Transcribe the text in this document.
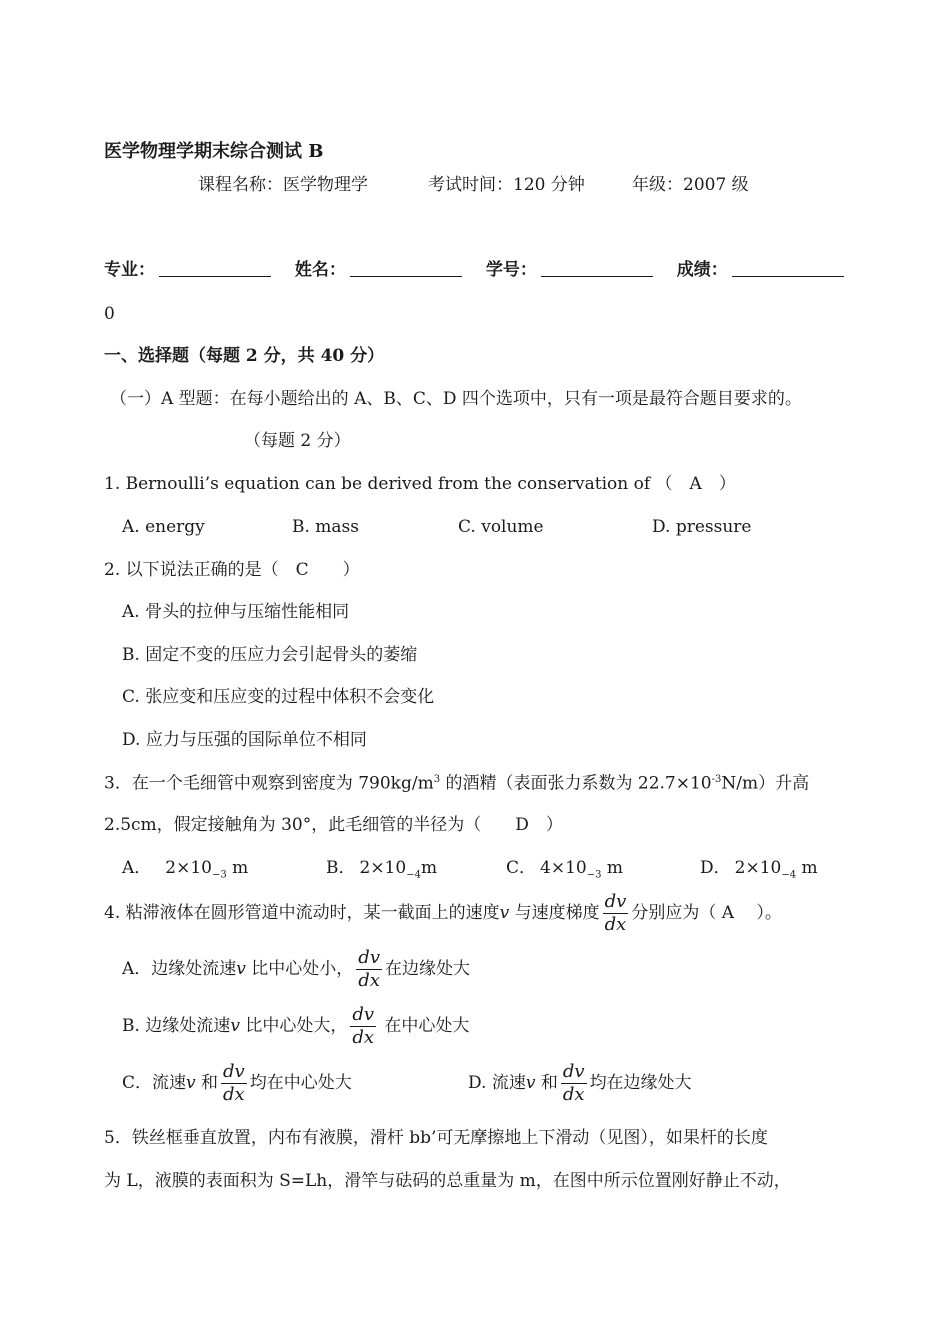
医学物理学期末综合测试 B
课程名称：医学物理学	考试时间：120 分钟	年级：2007 级
专业：	姓名：	学号：	成绩：
0
一、选择题（每题 2 分，共 40 分）
（一）A 型题：在每小题给出的 A、B、C、D 四个选项中，只有一项是最符合题目要求的。
（每题 2 分）
1. Bernoulli’s equation can be derived from the conservation of （　A　）
A. energy	B. mass	C. volume	D. pressure
2. 以下说法正确的是（　C　　）
A. 骨头的拉伸与压缩性能相同
B. 固定不变的压应力会引起骨头的萎缩
C. 张应变和压应变的过程中体积不会变化
D. 应力与压强的国际单位不相同
3．在一个毛细管中观察到密度为 $790kg/m^3$ 的酒精（表面张力系数为 $22.7\times 10^{-3}N/m$）升高
2.5cm，假定接触角为 30°，此毛细管的半径为（　　D　）
A． $2\times 10_{-3}$ m	B． $2\times 10_{-4}m$	C． $4\times 10_{-3}$ m	D． $2\times 10_{-4}$ m
4. 粘滞液体在圆形管道中流动时，某一截面上的速度v 与速度梯度 $\frac{dv}{dx}$ 分别应为（ A　 ）。
A．边缘处流速v 比中心处小， $\frac{dv}{dx}$ 在边缘处大
B. 边缘处流速v 比中心处大， $\frac{dv}{dx}$ 在中心处大
C．流速v 和 $\frac{dv}{dx}$ 均在中心处大	D. 流速v 和 $\frac{dv}{dx}$ 均在边缘处大
5．铁丝框垂直放置，内布有液膜，滑杆 bb’可无摩擦地上下滑动（见图），如果杆的长度
为 L，液膜的表面积为 S=Lh，滑竿与砝码的总重量为 m，在图中所示位置刚好静止不动，
